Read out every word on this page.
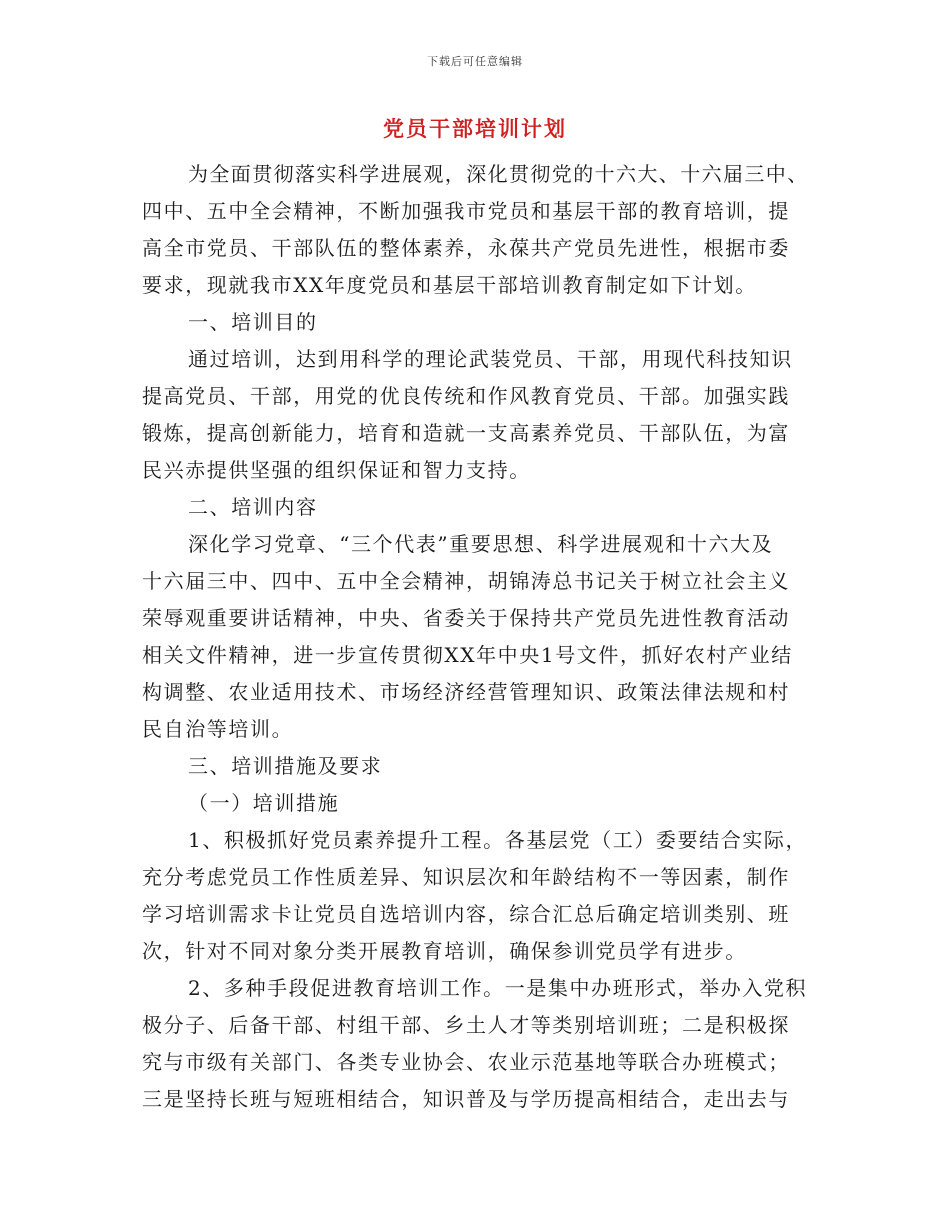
下载后可任意编辑
党员干部培训计划
为全面贯彻落实科学进展观，深化贯彻党的十六大、十六届三中、
四中、五中全会精神，不断加强我市党员和基层干部的教育培训，提
高全市党员、干部队伍的整体素养，永葆共产党员先进性，根据市委
要求，现就我市XX年度党员和基层干部培训教育制定如下计划。
一、培训目的
通过培训，达到用科学的理论武装党员、干部，用现代科技知识
提高党员、干部，用党的优良传统和作风教育党员、干部。加强实践
锻炼，提高创新能力，培育和造就一支高素养党员、干部队伍，为富
民兴赤提供坚强的组织保证和智力支持。
二、培训内容
深化学习党章、“三个代表”重要思想、科学进展观和十六大及
十六届三中、四中、五中全会精神，胡锦涛总书记关于树立社会主义
荣辱观重要讲话精神，中央、省委关于保持共产党员先进性教育活动
相关文件精神，进一步宣传贯彻XX年中央1号文件，抓好农村产业结
构调整、农业适用技术、市场经济经营管理知识、政策法律法规和村
民自治等培训。
三、培训措施及要求
（一）培训措施
1、积极抓好党员素养提升工程。各基层党（工）委要结合实际，
充分考虑党员工作性质差异、知识层次和年龄结构不一等因素，制作
学习培训需求卡让党员自选培训内容，综合汇总后确定培训类别、班
次，针对不同对象分类开展教育培训，确保参训党员学有进步。
2、多种手段促进教育培训工作。一是集中办班形式，举办入党积
极分子、后备干部、村组干部、乡土人才等类别培训班；二是积极探
究与市级有关部门、各类专业协会、农业示范基地等联合办班模式；
三是坚持长班与短班相结合，知识普及与学历提高相结合，走出去与
